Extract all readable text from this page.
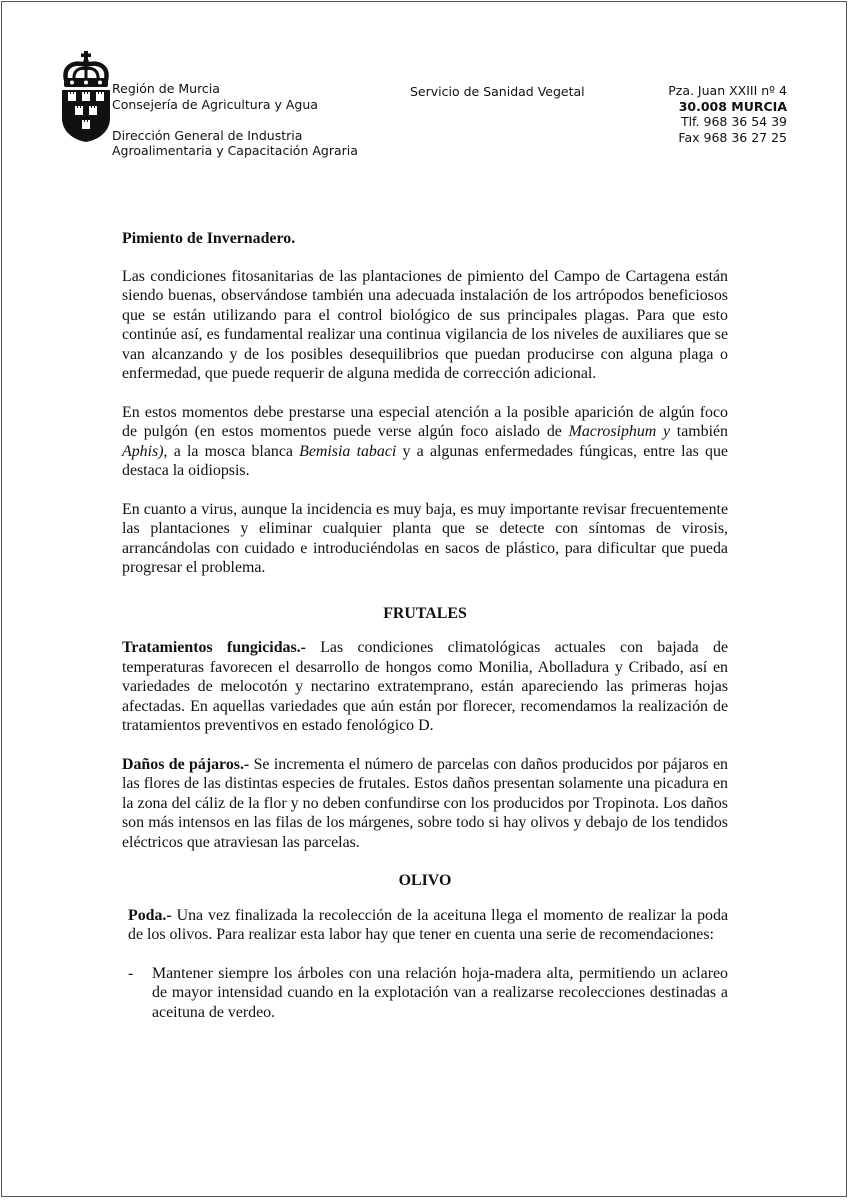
Región de Murcia
Consejería de Agricultura y Agua
Dirección General de Industria
Agroalimentaria y Capacitación Agraria
Servicio de Sanidad Vegetal	Pza. Juan XXIII nº 4
30.008 MURCIA
Tlf. 968 36 54 39
Fax 968 36 27 25

Pimiento de Invernadero.

Las condiciones fitosanitarias de las plantaciones de pimiento del Campo de Cartagena están siendo buenas, observándose también una adecuada instalación de los artrópodos beneficiosos que se están utilizando para el control biológico de sus principales plagas. Para que esto continúe así, es fundamental realizar una continua vigilancia de los niveles de auxiliares que se van alcanzando y de los posibles desequilibrios que puedan producirse con alguna plaga o enfermedad, que puede requerir de alguna medida de corrección adicional.

En estos momentos debe prestarse una especial atención a la posible aparición de algún foco de pulgón (en estos momentos puede verse algún foco aislado de Macrosiphum y también Aphis), a la mosca blanca Bemisia tabaci y a algunas enfermedades fúngicas, entre las que destaca la oidiopsis.

En cuanto a virus, aunque la incidencia es muy baja, es muy importante revisar frecuentemente las plantaciones y eliminar cualquier planta que se detecte con síntomas de virosis, arrancándolas con cuidado e introduciéndolas en sacos de plástico, para dificultar que pueda progresar el problema.

FRUTALES

Tratamientos fungicidas.- Las condiciones climatológicas actuales con bajada de temperaturas favorecen el desarrollo de hongos como Monilia, Abolladura y Cribado, así en variedades de melocotón y nectarino extratemprano, están apareciendo las primeras hojas afectadas. En aquellas variedades que aún están por florecer, recomendamos la realización de tratamientos preventivos en estado fenológico D.

Daños de pájaros.- Se incrementa el número de parcelas con daños producidos por pájaros en las flores de las distintas especies de frutales. Estos daños presentan solamente una picadura en la zona del cáliz de la flor y no deben confundirse con los producidos por Tropinota. Los daños son más intensos en las filas de los márgenes, sobre todo si hay olivos y debajo de los tendidos eléctricos que atraviesan las parcelas.

OLIVO

Poda.- Una vez finalizada la recolección de la aceituna llega el momento de realizar la poda de los olivos. Para realizar esta labor hay que tener en cuenta una serie de recomendaciones:

-	Mantener siempre los árboles con una relación hoja-madera alta, permitiendo un aclareo de mayor intensidad cuando en la explotación van a realizarse recolecciones destinadas a aceituna de verdeo.
